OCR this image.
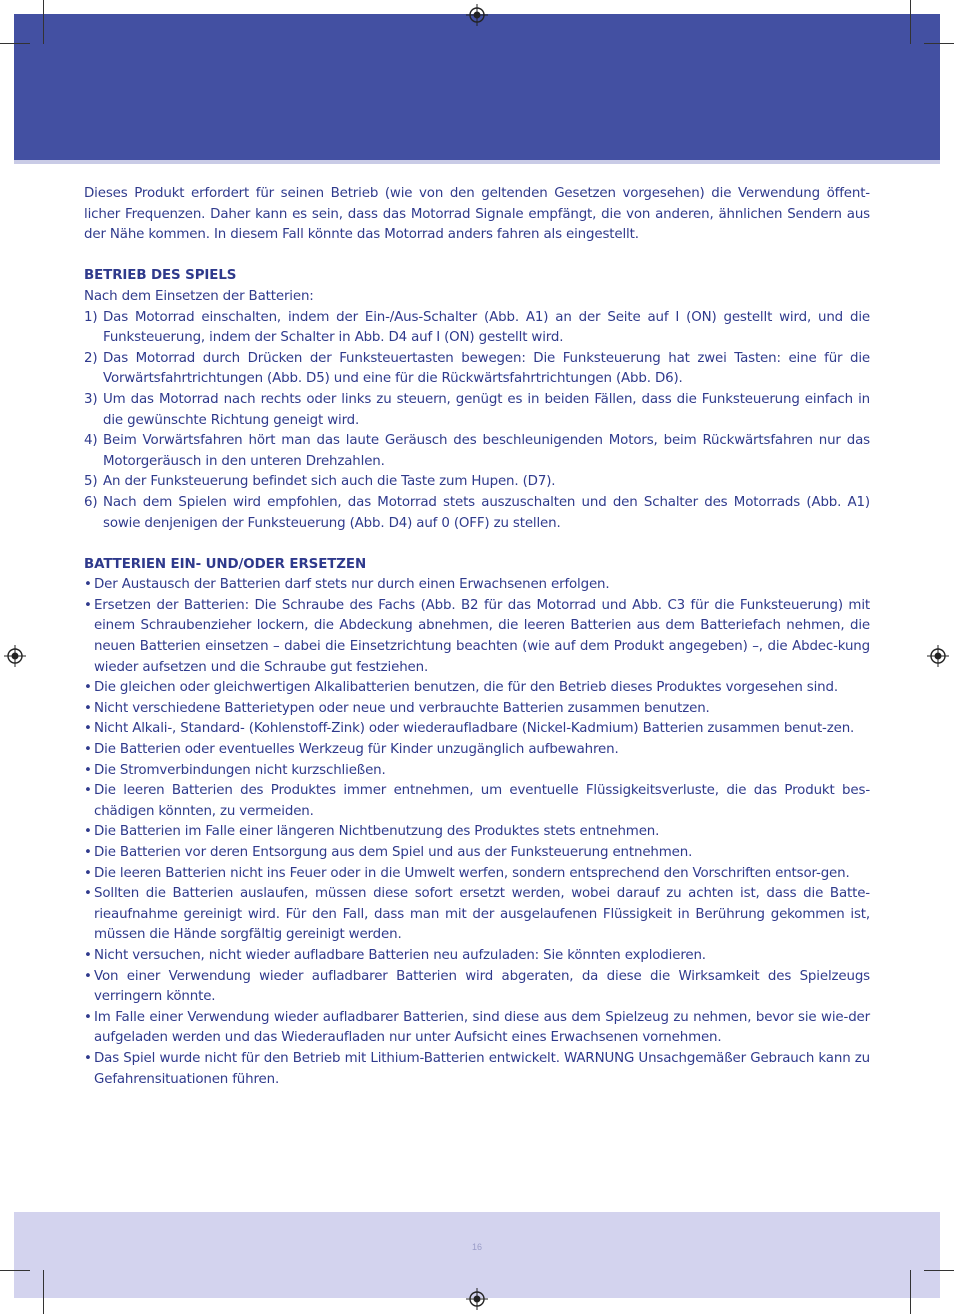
16

Dieses Produkt erfordert für seinen Betrieb (wie von den geltenden Gesetzen vorgesehen) die Verwendung öffent-licher Frequenzen. Daher kann es sein, dass das Motorrad Signale empfängt, die von anderen, ähnlichen Sendern aus der Nähe kommen. In diesem Fall könnte das Motorrad anders fahren als eingestellt.

BETRIEB DES SPIELS
Nach dem Einsetzen der Batterien:
1) Das Motorrad einschalten, indem der Ein-/Aus-Schalter (Abb. A1) an der Seite auf I (ON) gestellt wird, und die Funksteuerung, indem der Schalter in Abb. D4 auf I (ON) gestellt wird.
2) Das Motorrad durch Drücken der Funksteuertasten bewegen: Die Funksteuerung hat zwei Tasten: eine für die Vorwärtsfahrtrichtungen (Abb. D5) und eine für die Rückwärtsfahrtrichtungen (Abb. D6).
3) Um das Motorrad nach rechts oder links zu steuern, genügt es in beiden Fällen, dass die Funksteuerung einfach in die gewünschte Richtung geneigt wird.
4) Beim Vorwärtsfahren hört man das laute Geräusch des beschleunigenden Motors, beim Rückwärtsfahren nur das Motorgeräusch in den unteren Drehzahlen.
5) An der Funksteuerung befindet sich auch die Taste zum Hupen. (D7).
6) Nach dem Spielen wird empfohlen, das Motorrad stets auszuschalten und den Schalter des Motorrads (Abb. A1) sowie denjenigen der Funksteuerung (Abb. D4) auf 0 (OFF) zu stellen.
BATTERIEN EIN- UND/ODER ERSETZEN
• Der Austausch der Batterien darf stets nur durch einen Erwachsenen erfolgen.
• Ersetzen der Batterien: Die Schraube des Fachs (Abb. B2 für das Motorrad und Abb. C3 für die Funksteuerung) mit einem Schraubenzieher lockern, die Abdeckung abnehmen, die leeren Batterien aus dem Batteriefach nehmen, die neuen Batterien einsetzen – dabei die Einsetzrichtung beachten (wie auf dem Produkt angegeben) –, die Abdec-kung wieder aufsetzen und die Schraube gut festziehen.
• Die gleichen oder gleichwertigen Alkalibatterien benutzen, die für den Betrieb dieses Produktes vorgesehen sind.
• Nicht verschiedene Batterietypen oder neue und verbrauchte Batterien zusammen benutzen.
• Nicht Alkali-, Standard- (Kohlenstoff-Zink) oder wiederaufladbare (Nickel-Kadmium) Batterien zusammen benut-zen.
• Die Batterien oder eventuelles Werkzeug für Kinder unzugänglich aufbewahren.
• Die Stromverbindungen nicht kurzschließen.
• Die leeren Batterien des Produktes immer entnehmen, um eventuelle Flüssigkeitsverluste, die das Produkt bes-chädigen könnten, zu vermeiden.
• Die Batterien im Falle einer längeren Nichtbenutzung des Produktes stets entnehmen.
• Die Batterien vor deren Entsorgung aus dem Spiel und aus der Funksteuerung entnehmen.
• Die leeren Batterien nicht ins Feuer oder in die Umwelt werfen, sondern entsprechend den Vorschriften entsor-gen.
• Sollten die Batterien auslaufen, müssen diese sofort ersetzt werden, wobei darauf zu achten ist, dass die Batte-rieaufnahme gereinigt wird. Für den Fall, dass man mit der ausgelaufenen Flüssigkeit in Berührung gekommen ist, müssen die Hände sorgfältig gereinigt werden.
• Nicht versuchen, nicht wieder aufladbare Batterien neu aufzuladen: Sie könnten explodieren.
• Von einer Verwendung wieder aufladbarer Batterien wird abgeraten, da diese die Wirksamkeit des Spielzeugs verringern könnte.
• Im Falle einer Verwendung wieder aufladbarer Batterien, sind diese aus dem Spielzeug zu nehmen, bevor sie wie-der aufgeladen werden und das Wiederaufladen nur unter Aufsicht eines Erwachsenen vornehmen.
• Das Spiel wurde nicht für den Betrieb mit Lithium-Batterien entwickelt. WARNUNG Unsachgemäßer Gebrauch kann zu Gefahrensituationen führen.
